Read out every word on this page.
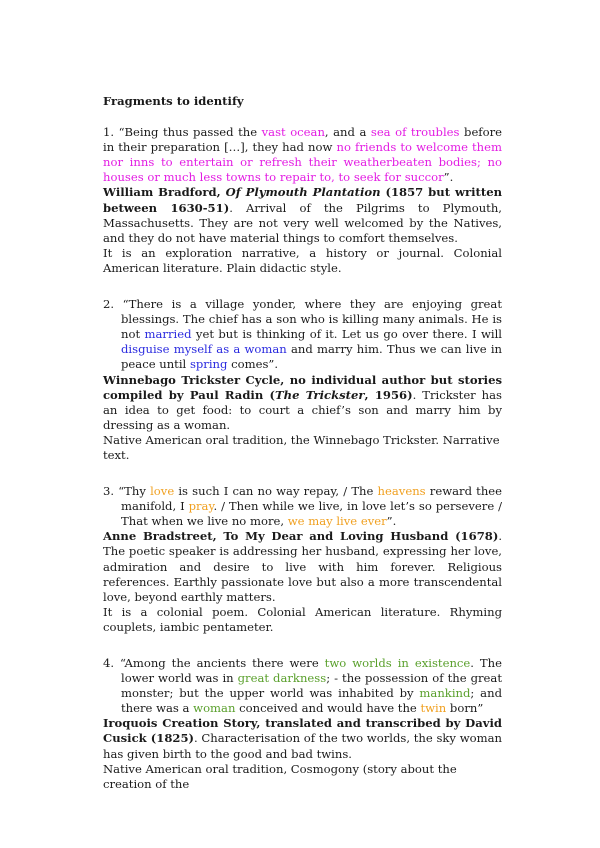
Fragments to identify

1. “Being thus passed the vast ocean, and a sea of troubles before in their preparation […], they had now no friends to welcome them nor inns to entertain or refresh their weatherbeaten bodies; no houses or much less towns to repair to, to seek for succor”.

William Bradford, Of Plymouth Plantation (1857 but written between 1630-51). Arrival of the Pilgrims to Plymouth, Massachusetts. They are not very well welcomed by the Natives, and they do not have material things to comfort themselves.

It is an exploration narrative, a history or journal. Colonial American literature. Plain didactic style.

2. “There is a village yonder, where they are enjoying great blessings. The chief has a son who is killing many animals. He is not married yet but is thinking of it. Let us go over there. I will disguise myself as a woman and marry him. Thus we can live in peace until spring comes”.

Winnebago Trickster Cycle, no individual author but stories compiled by Paul Radin (The Trickster, 1956). Trickster has an idea to get food: to court a chief’s son and marry him by dressing as a woman.

Native American oral tradition, the Winnebago Trickster. Narrative text.

3. “Thy love is such I can no way repay, / The heavens reward thee manifold, I pray. / Then while we live, in love let’s so persevere / That when we live no more, we may live ever”.

Anne Bradstreet, To My Dear and Loving Husband (1678). The poetic speaker is addressing her husband, expressing her love, admiration and desire to live with him forever. Religious references. Earthly passionate love but also a more transcendental love, beyond earthly matters.

It is a colonial poem. Colonial American literature. Rhyming couplets, iambic pentameter.

4. “Among the ancients there were two worlds in existence. The lower world was in great darkness; - the possession of the great monster; but the upper world was inhabited by mankind; and there was a woman conceived and would have the twin born”

Iroquois Creation Story, translated and transcribed by David Cusick (1825). Characterisation of the two worlds, the sky woman has given birth to the good and bad twins.

Native American oral tradition, Cosmogony (story about the creation of the
